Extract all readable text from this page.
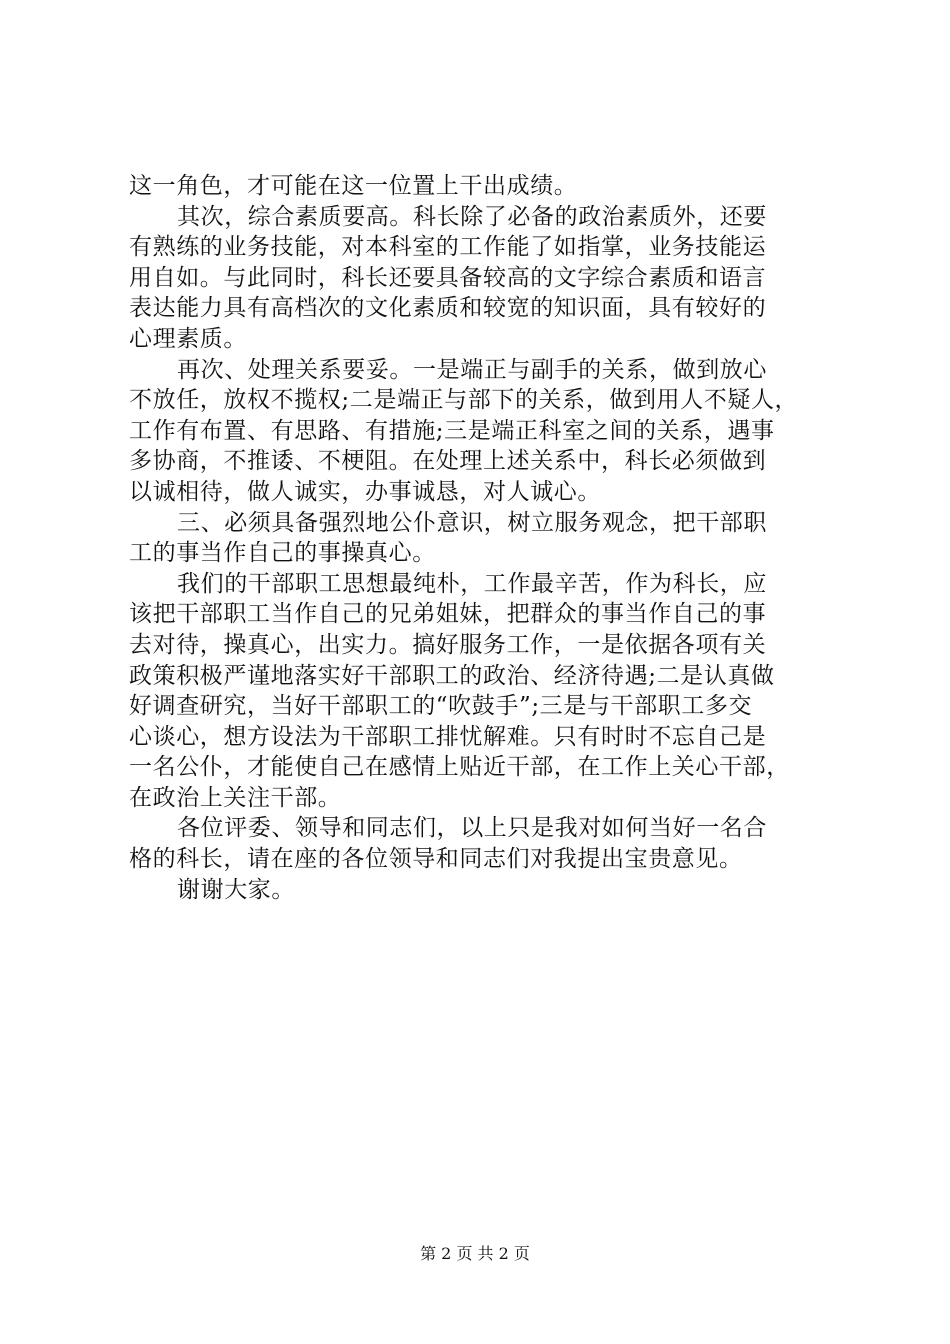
这一角色，才可能在这一位置上干出成绩。
其次，综合素质要高。科长除了必备的政治素质外，还要
有熟练的业务技能，对本科室的工作能了如指掌，业务技能运
用自如。与此同时，科长还要具备较高的文字综合素质和语言
表达能力具有高档次的文化素质和较宽的知识面，具有较好的
心理素质。
再次、处理关系要妥。一是端正与副手的关系，做到放心
不放任，放权不揽权;二是端正与部下的关系，做到用人不疑人，
工作有布置、有思路、有措施;三是端正科室之间的关系，遇事
多协商，不推诿、不梗阻。在处理上述关系中，科长必须做到
以诚相待，做人诚实，办事诚恳，对人诚心。
三、必须具备强烈地公仆意识，树立服务观念，把干部职
工的事当作自己的事操真心。
我们的干部职工思想最纯朴，工作最辛苦，作为科长，应
该把干部职工当作自己的兄弟姐妹，把群众的事当作自己的事
去对待，操真心，出实力。搞好服务工作，一是依据各项有关
政策积极严谨地落实好干部职工的政治、经济待遇;二是认真做
好调查研究，当好干部职工的“吹鼓手”;三是与干部职工多交
心谈心，想方设法为干部职工排忧解难。只有时时不忘自己是
一名公仆，才能使自己在感情上贴近干部，在工作上关心干部，
在政治上关注干部。
各位评委、领导和同志们，以上只是我对如何当好一名合
格的科长，请在座的各位领导和同志们对我提出宝贵意见。
谢谢大家。
第 2 页 共 2 页
